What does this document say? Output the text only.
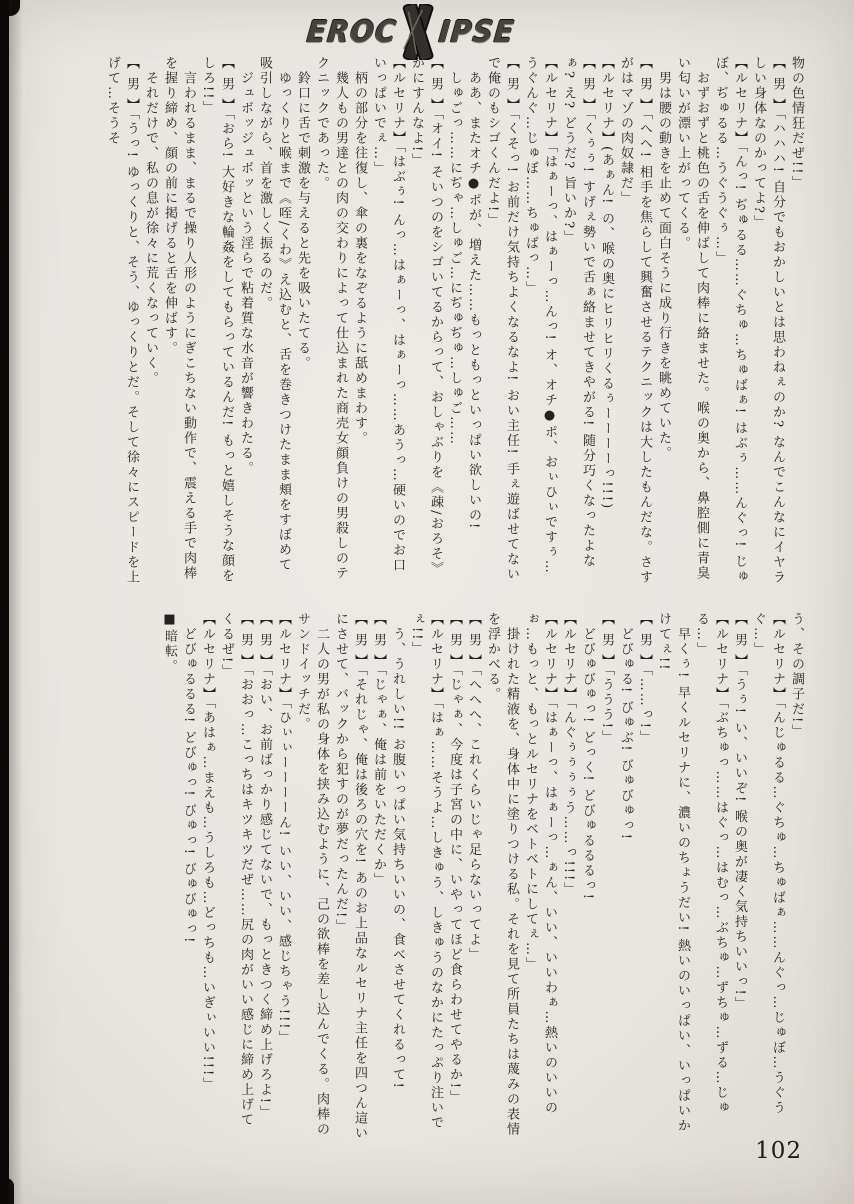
EROC IPSE

物の色情狂だぜ!!」

【 男 】「ハハハ! 自分でもおかしいとは思わねぇのか? なんでこんなにイヤラしい身体なのかってよ?」

【ルセリナ】「んっ! ぢゅるる……ぐちゅ…ちゅばぁ! はぶぅ……んぐっ! じゅぼ、ぢゅるる…うぐうぐぅ…」

おずおずと桃色の舌を伸ばして肉棒に絡ませた。喉の奥から、鼻腔側に青臭い匂いが漂い上がってくる。

男は腰の動きを止めて面白そうに成り行きを眺めていた。

【 男 】「へへ! 相手を焦らして興奮させるテクニックは大したもんだな。さすがはマゾの肉奴隷だ」

【ルセリナ】(あぁん! の、喉の奥にヒリヒリくるぅーーーーっ!!!)

【 男 】「くぅぅ! すげぇ勢いで舌ぁ絡ませてきやがる! 随分巧くなったよなぁ? え? どうだ? 旨いか?」

【ルセリナ】「はぁーっ、はぁーっ…んっ! オ、オチ●ポ、おぃひぃですぅ…うぐんぐ…じゅぼ……ちゅばっ…」

【 男 】「くそっ! お前だけ気持ちよくなるなよ! おい主任! 手ぇ遊ばせてないで俺のもシゴくんだよ!」

ああ、またオチ●ポが、増えた……もっともっといっぱい欲しいの!

しゅごっ……にぢゃ…しゅご…にぢゅぢゅ…しゅご……

【 男 】「オイ! そいつのをシゴいてるからって、おしゃぶりを《疎/おろそ》かにすんなよ!」

【ルセリナ】「はぶぅ! んっ…はぁーっ、はぁーっ……あうっ…硬いのでお口いっぱいでぇ…」

柄の部分を往復し、傘の裏をなぞるように舐めまわす。

幾人もの男達との肉の交わりによって仕込まれた商売女顔負けの男殺しのテクニックであった。

鈴口に舌で刺激を与えると先を吸いたてる。

ゆっくりと喉まで《咥/くわ》え込むと、舌を巻きつけたまま頬をすぼめて吸引しながら、首を激しく振るのだ。

ジュボッジュボッという淫らで粘着質な水音が響きわたる。

【 男 】「おら! 大好きな輪姦をしてもらっているんだ! もっと嬉しそうな顔をしろ!!」

言われるまま、まるで操り人形のようにぎこちない動作で、震える手で肉棒を握り締め、顔の前に掲げると舌を伸ばす。

それだけで、私の息が徐々に荒くなっていく。

【 男 】「うっ! ゆっくりと、そう、ゆっくりとだ。そして徐々にスピードを上げて…そうそ

う、その調子だ!」

【ルセリナ】「んじゅるる…ぐちゅ…ちゅばぁ……んぐっ…じゅぼ…うぐうぐ…」

【 男 】「うぅ! い、いいぞ! 喉の奥が凄く気持ちいいっ!」

【ルセリナ】「ぶちゅっ……はぐっ…はむっ…ぶちゅ…ずちゅ…ずる…じゅる…」

早くぅ! 早くルセリナに、濃いのちょうだい! 熱いのいっぱい、いっぱいかけてぇ!!

【 男 】「……っ!」

どびゅる! びゅぶ! びゅびゅっ!

【 男 】「ううう!」

どびゅびゅっ! どっく! どびゅるるるっ!

【ルセリナ】「んぐぅぅぅぅう……っ!!!」

【ルセリナ】「はぁーっ、はぁーっ…ぁん、いい、いいわぁ…熱いのいいのぉ…もっと、もっとルセリナをベトベトにしてぇ…」

掛けれた精液を、身体中に塗りつける私。それを見て所員たちは蔑みの表情を浮かべる。

【 男 】「へへへ、これくらいじゃ足らないってよ」

【 男 】「じゃぁ、今度は子宮の中に、いやってほど食らわせてやるか!」

【ルセリナ】「はぁ……そうよ…しきゅう、しきゅうのなかにたっぷり注いでぇ!!」

う、うれしい!! お腹いっぱい気持ちいいの、食べさせてくれるって!

【 男 】「じゃぁ、俺は前をいただくか」

【 男 】「それじゃ、俺は後ろの穴を! あのお上品なルセリナ主任を四つん這いにさせて、バックから犯すのが夢だったんだ!」

二人の男が私の身体を挟み込むように、己の欲棒を差し込んでくる。肉棒のサンドイッチだ。

【ルセリナ】「ひぃぃーーーーん! いい、いい、感じちゃう!!!」

【 男 】「おい、お前ばっかり感じてないで、もっときつく締め上げろよ!」

【 男 】「おおっ…こっちはキツキツだぜ……尻の肉がいい感じに締め上げてくるぜ!」

【ルセリナ】「あはぁ…まえも…うしろも…どっちも…いぎぃいい!!!」

どびゅるるる! どびゅっ! びゅっ! びゅびゅっ!

■暗転。

102
